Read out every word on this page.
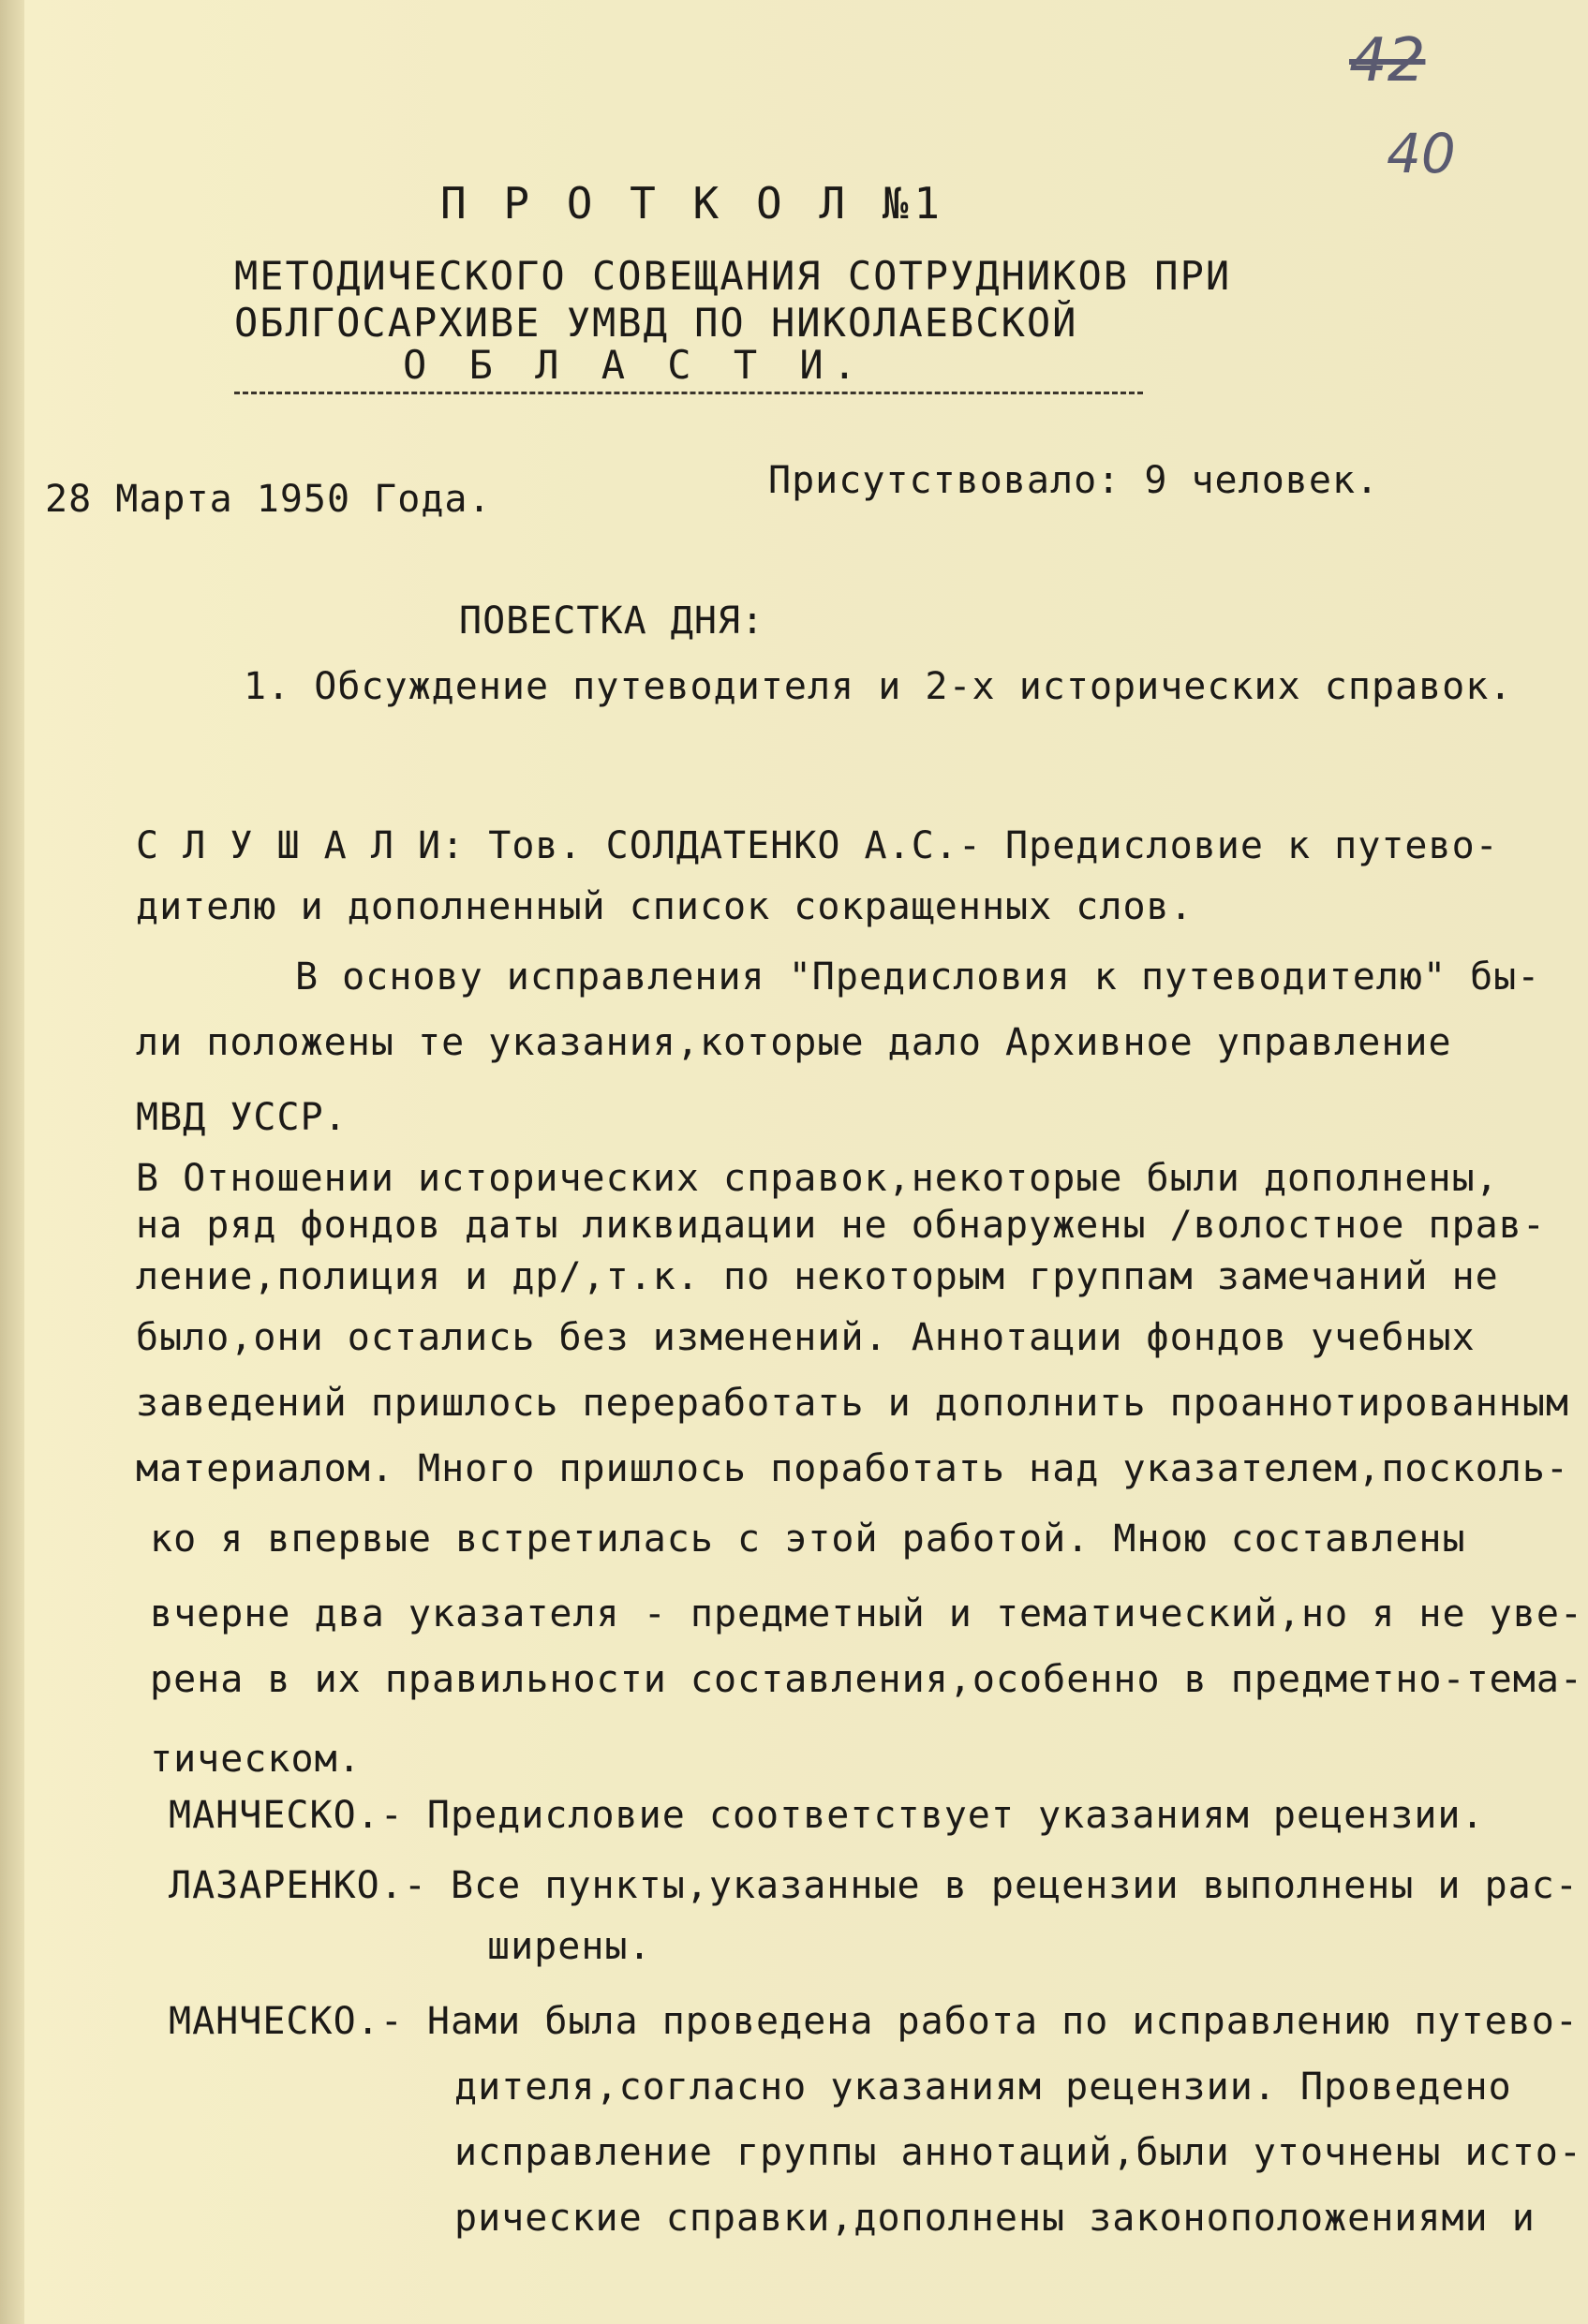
42
40
П Р О Т К О Л №1
МЕТОДИЧЕСКОГО СОВЕЩАНИЯ СОТРУДНИКОВ ПРИ
ОБЛГОСАРХИВЕ УМВД ПО НИКОЛАЕВСКОЙ
О Б Л А С Т И.
28 Марта 1950 Года.	Присутствовало: 9 человек.
ПОВЕСТКА ДНЯ:
1. Обсуждение путеводителя и 2-х исторических справок.
С Л У Ш А Л И: Тов. СОЛДАТЕНКО А.С.- Предисловие к путево-
дителю и дополненный список сокращенных слов.
В основу исправления "Предисловия к путеводителю" бы-
ли положены те указания,которые дало Архивное управление
МВД УССР.
В Отношении исторических справок,некоторые были дополнены,
на ряд фондов даты ликвидации не обнаружены /волостное прав-
ление,полиция и др/,т.к. по некоторым группам замечаний не
было,они остались без изменений. Аннотации фондов учебных
заведений пришлось переработать и дополнить проаннотированным
материалом. Много пришлось поработать над указателем,посколь-
ко я впервые встретилась с этой работой. Мною составлены
вчерне два указателя - предметный и тематический,но я не уве-
рена в их правильности составления,особенно в предметно-тема-
тическом.
МАНЧЕСКО.- Предисловие соответствует указаниям рецензии.
ЛАЗАРЕНКО.- Все пункты,указанные в рецензии выполнены и рас-
ширены.
МАНЧЕСКО.- Нами была проведена работа по исправлению путево-
дителя,согласно указаниям рецензии. Проведено
исправление группы аннотаций,были уточнены исто-
рические справки,дополнены законоположениями и
